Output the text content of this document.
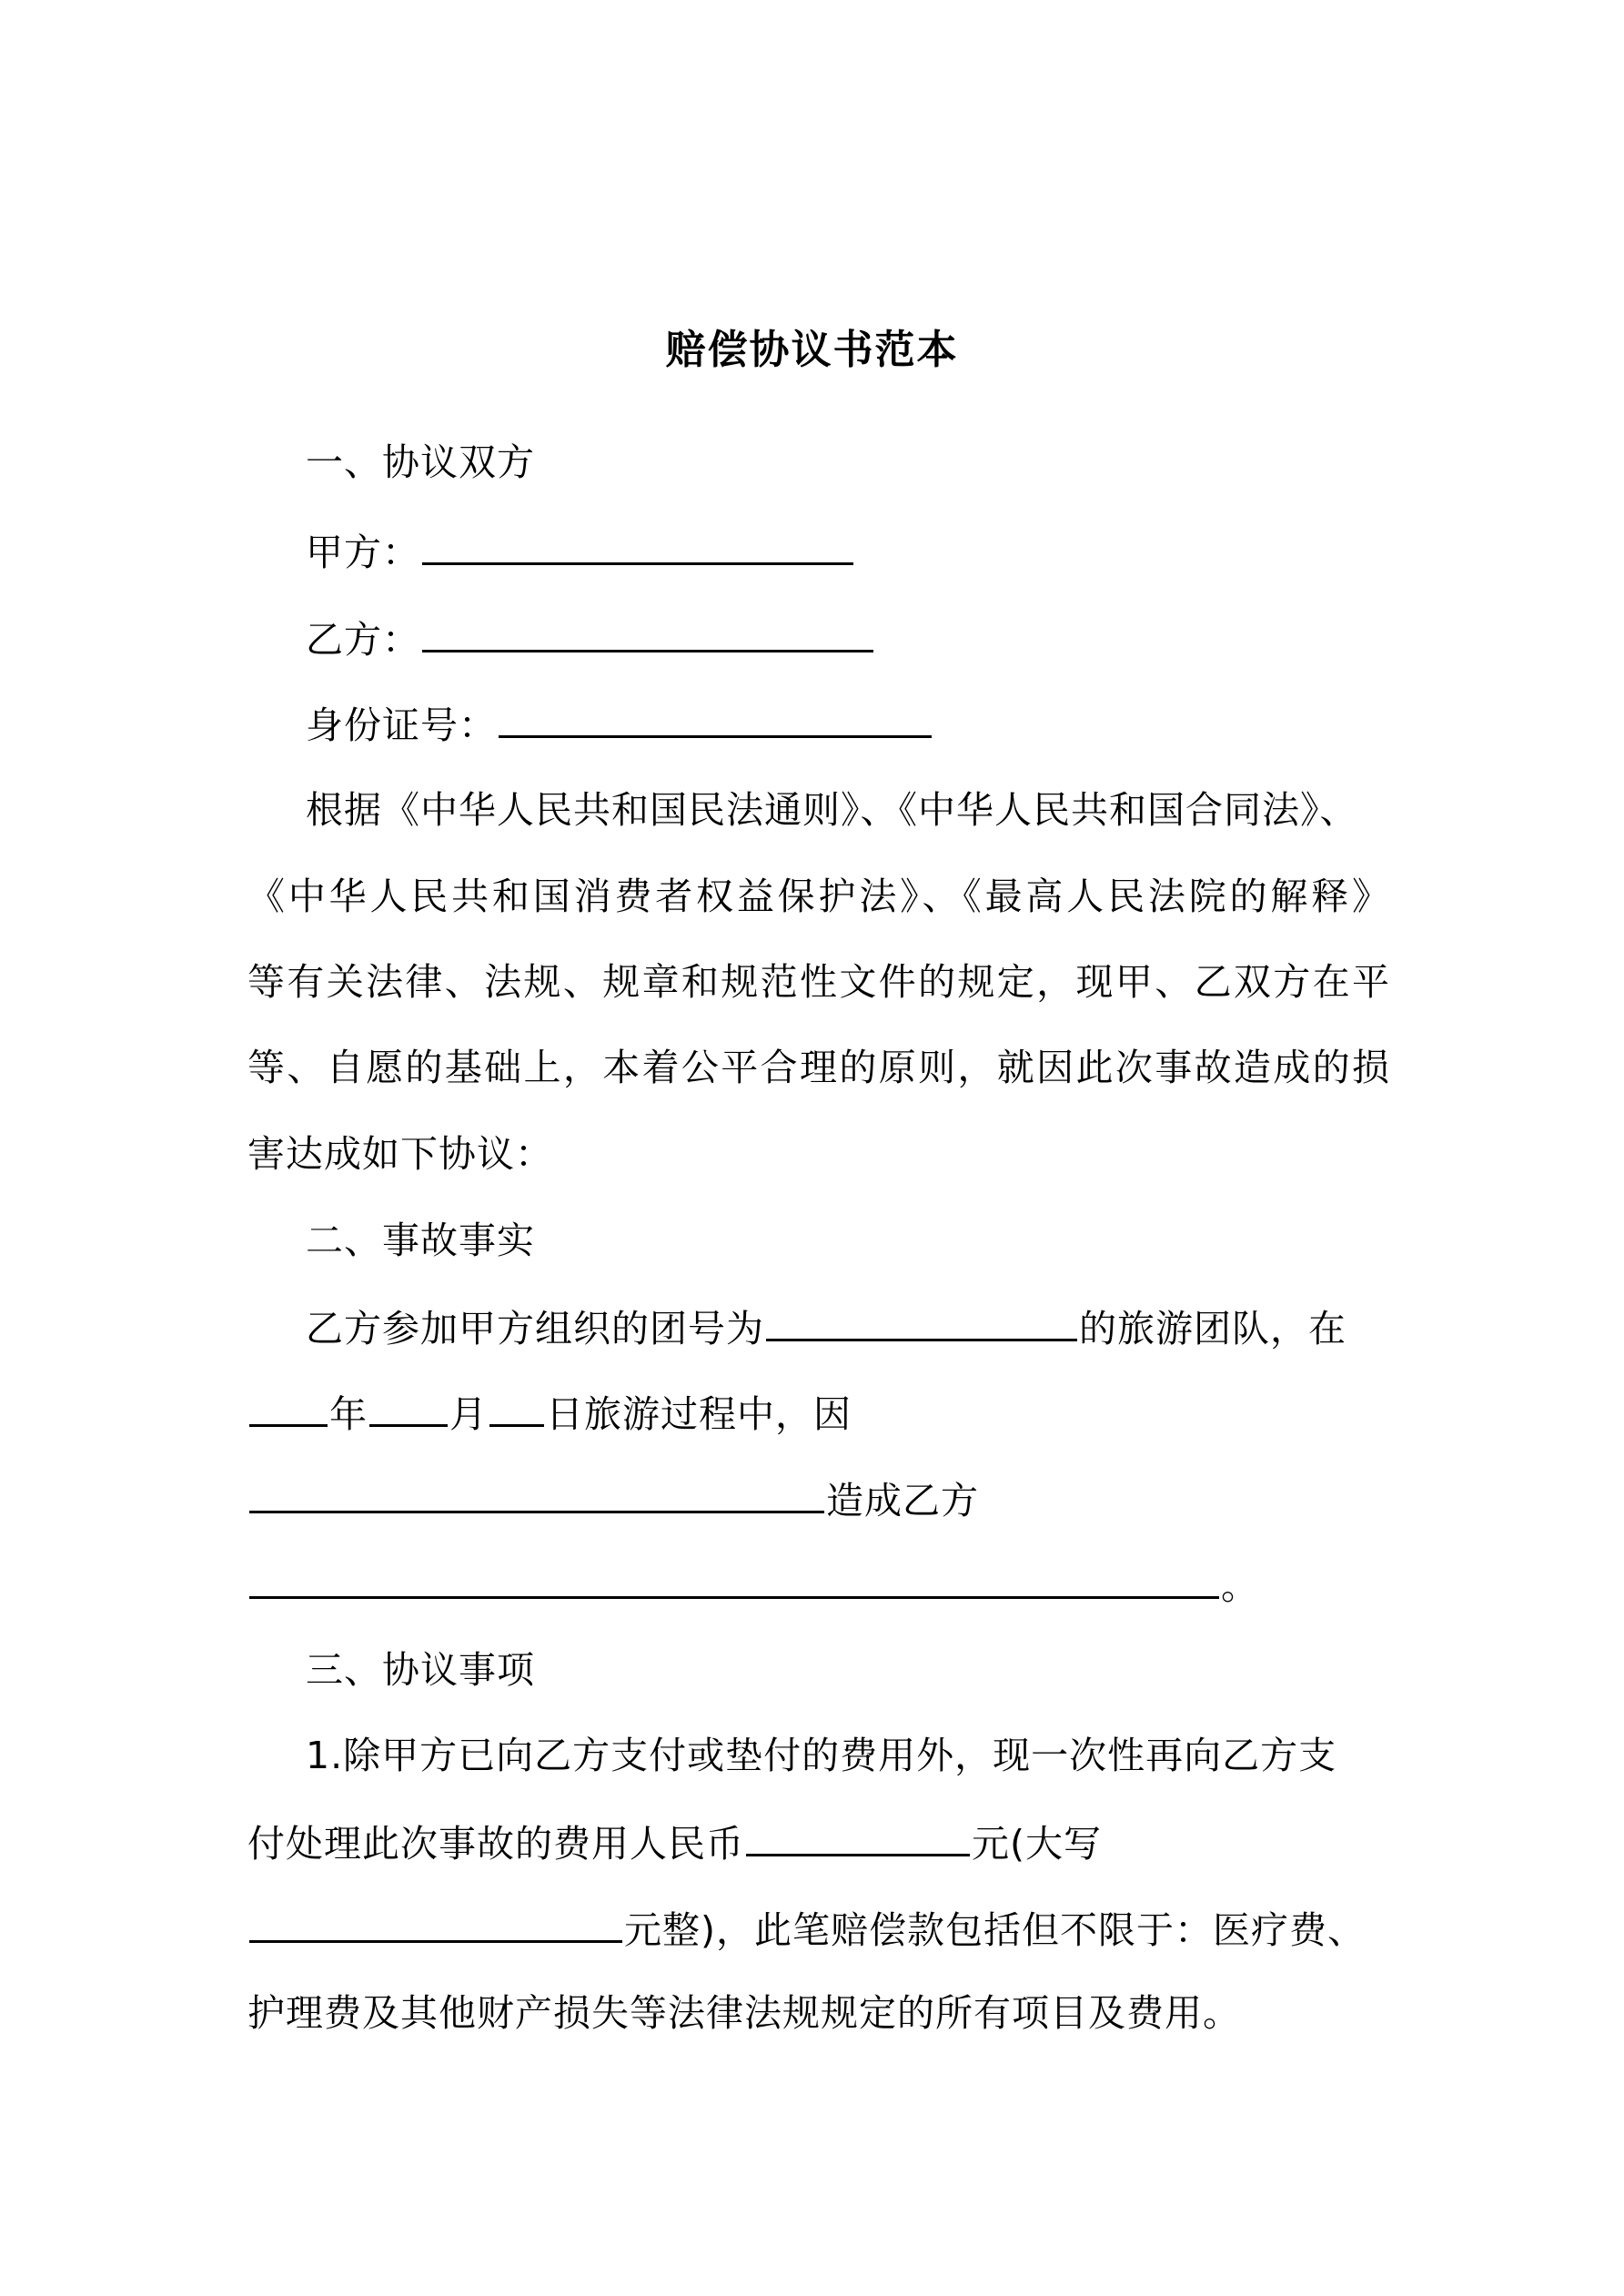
赔偿协议书范本
一、协议双方
甲方：
乙方：
身份证号：
根据《中华人民共和国民法通则》、《中华人民共和国合同法》、
《中华人民共和国消费者权益保护法》、《最高人民法院的解释》
等有关法律、法规、规章和规范性文件的规定，现甲、乙双方在平
等、自愿的基础上，本着公平合理的原则，就因此次事故造成的损
害达成如下协议：
二、事故事实
乙方参加甲方组织的团号为	的旅游团队，在
年 月 日旅游过程中，因
造成乙方
。
三、协议事项
1.除甲方已向乙方支付或垫付的费用外，现一次性再向乙方支
付处理此次事故的费用人民币	元(大写
元整)，此笔赔偿款包括但不限于：医疗费、
护理费及其他财产损失等法律法规规定的所有项目及费用。
